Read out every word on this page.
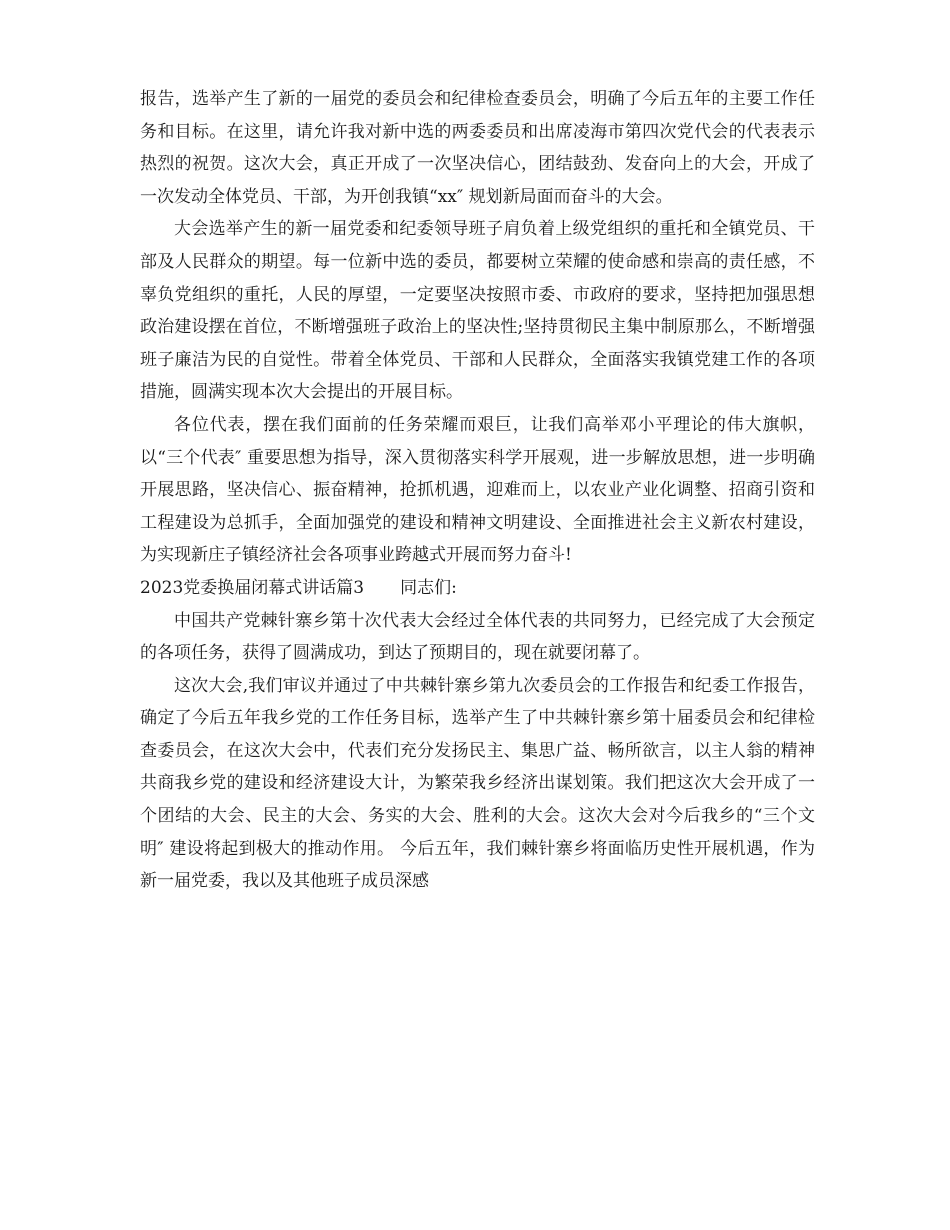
报告，选举产生了新的一届党的委员会和纪律检查委员会，明确了今后五年的主要工作任务和目标。在这里，请允许我对新中选的两委委员和出席凌海市第四次党代会的代表表示热烈的祝贺。这次大会，真正开成了一次坚决信心，团结鼓劲、发奋向上的大会，开成了一次发动全体党员、干部，为开创我镇“xx″ 规划新局面而奋斗的大会。

大会选举产生的新一届党委和纪委领导班子肩负着上级党组织的重托和全镇党员、干部及人民群众的期望。每一位新中选的委员，都要树立荣耀的使命感和崇高的责任感，不辜负党组织的重托，人民的厚望，一定要坚决按照市委、市政府的要求，坚持把加强思想政治建设摆在首位，不断增强班子政治上的坚决性;坚持贯彻民主集中制原那么，不断增强班子廉洁为民的自觉性。带着全体党员、干部和人民群众，全面落实我镇党建工作的各项措施，圆满实现本次大会提出的开展目标。

各位代表，摆在我们面前的任务荣耀而艰巨，让我们高举邓小平理论的伟大旗帜，以“三个代表″ 重要思想为指导，深入贯彻落实科学开展观，进一步解放思想，进一步明确开展思路，坚决信心、振奋精神，抢抓机遇，迎难而上，以农业产业化调整、招商引资和工程建设为总抓手，全面加强党的建设和精神文明建设、全面推进社会主义新农村建设，为实现新庄子镇经济社会各项事业跨越式开展而努力奋斗!

2023党委换届闭幕式讲话篇3 同志们:

中国共产党棘针寨乡第十次代表大会经过全体代表的共同努力，已经完成了大会预定的各项任务，获得了圆满成功，到达了预期目的，现在就要闭幕了。

这次大会,我们审议并通过了中共棘针寨乡第九次委员会的工作报告和纪委工作报告，确定了今后五年我乡党的工作任务目标，选举产生了中共棘针寨乡第十届委员会和纪律检查委员会，在这次大会中，代表们充分发扬民主、集思广益、畅所欲言，以主人翁的精神共商我乡党的建设和经济建设大计，为繁荣我乡经济出谋划策。我们把这次大会开成了一个团结的大会、民主的大会、务实的大会、胜利的大会。这次大会对今后我乡的“三个文明″ 建设将起到极大的推动作用。 今后五年，我们棘针寨乡将面临历史性开展机遇，作为新一届党委，我以及其他班子成员深感
